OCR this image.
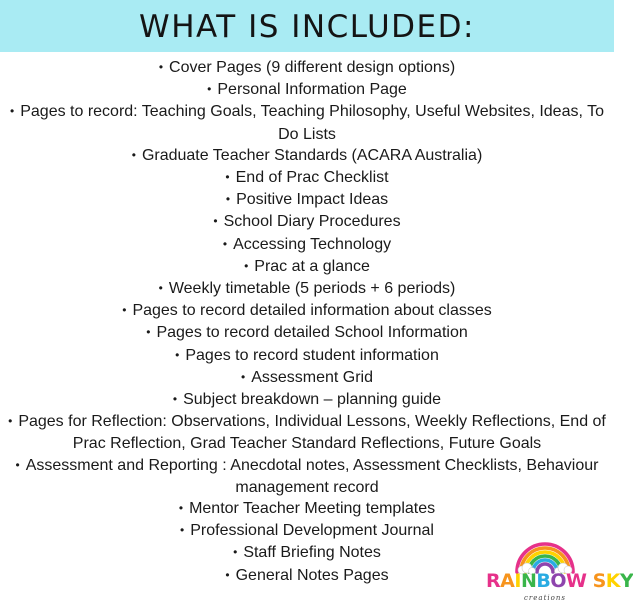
WHAT IS INCLUDED:
• Cover Pages (9 different design options)
• Personal Information Page
• Pages to record: Teaching Goals, Teaching Philosophy, Useful Websites, Ideas, To Do Lists
• Graduate Teacher Standards (ACARA Australia)
• End of Prac Checklist
• Positive Impact Ideas
• School Diary Procedures
• Accessing Technology
• Prac at a glance
• Weekly timetable (5 periods + 6 periods)
• Pages to record detailed information about classes
• Pages to record detailed School Information
• Pages to record student information
• Assessment Grid
• Subject breakdown – planning guide
• Pages for Reflection: Observations, Individual Lessons, Weekly Reflections, End of Prac Reflection, Grad Teacher Standard Reflections, Future Goals
• Assessment and Reporting : Anecdotal notes, Assessment Checklists, Behaviour management record
• Mentor Teacher Meeting templates
• Professional Development Journal
• Staff Briefing Notes
• General Notes Pages	RAINBOW SKY
creations
